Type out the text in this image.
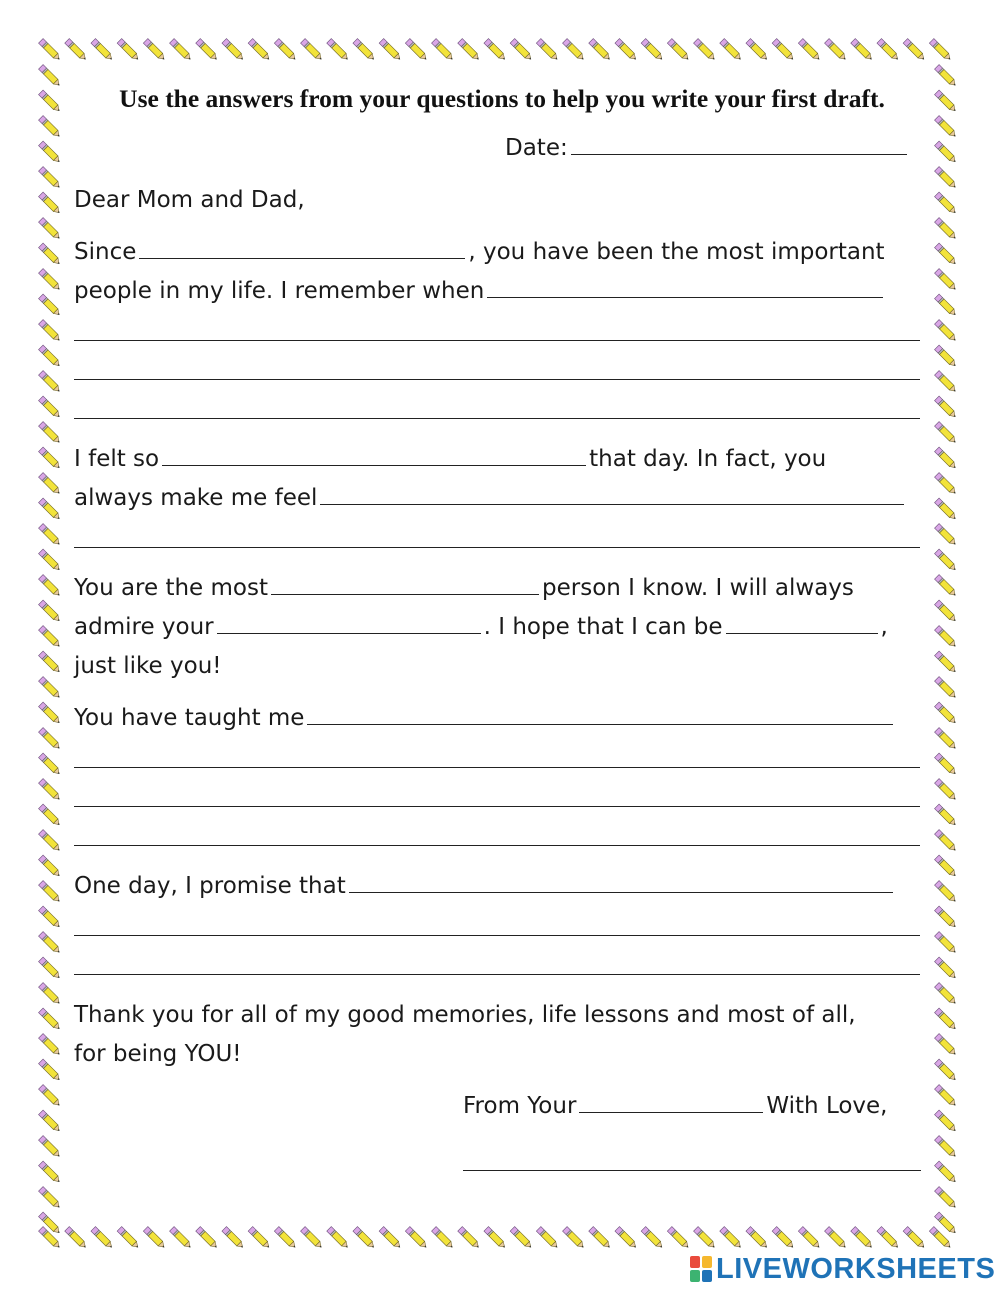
Use the answers from your questions to help you write your first draft.
Date:
Dear Mom and Dad,
Since	, you have been the most important
people in my life. I remember when
I felt so	that day. In fact, you
always make me feel
You are the most	person I know. I will always
admire your	. I hope that I can be	,
just like you!
You have taught me
One day, I promise that
Thank you for all of my good memories, life lessons and most of all,
for being YOU!
From Your	With Love,
LIVEWORKSHEETS
